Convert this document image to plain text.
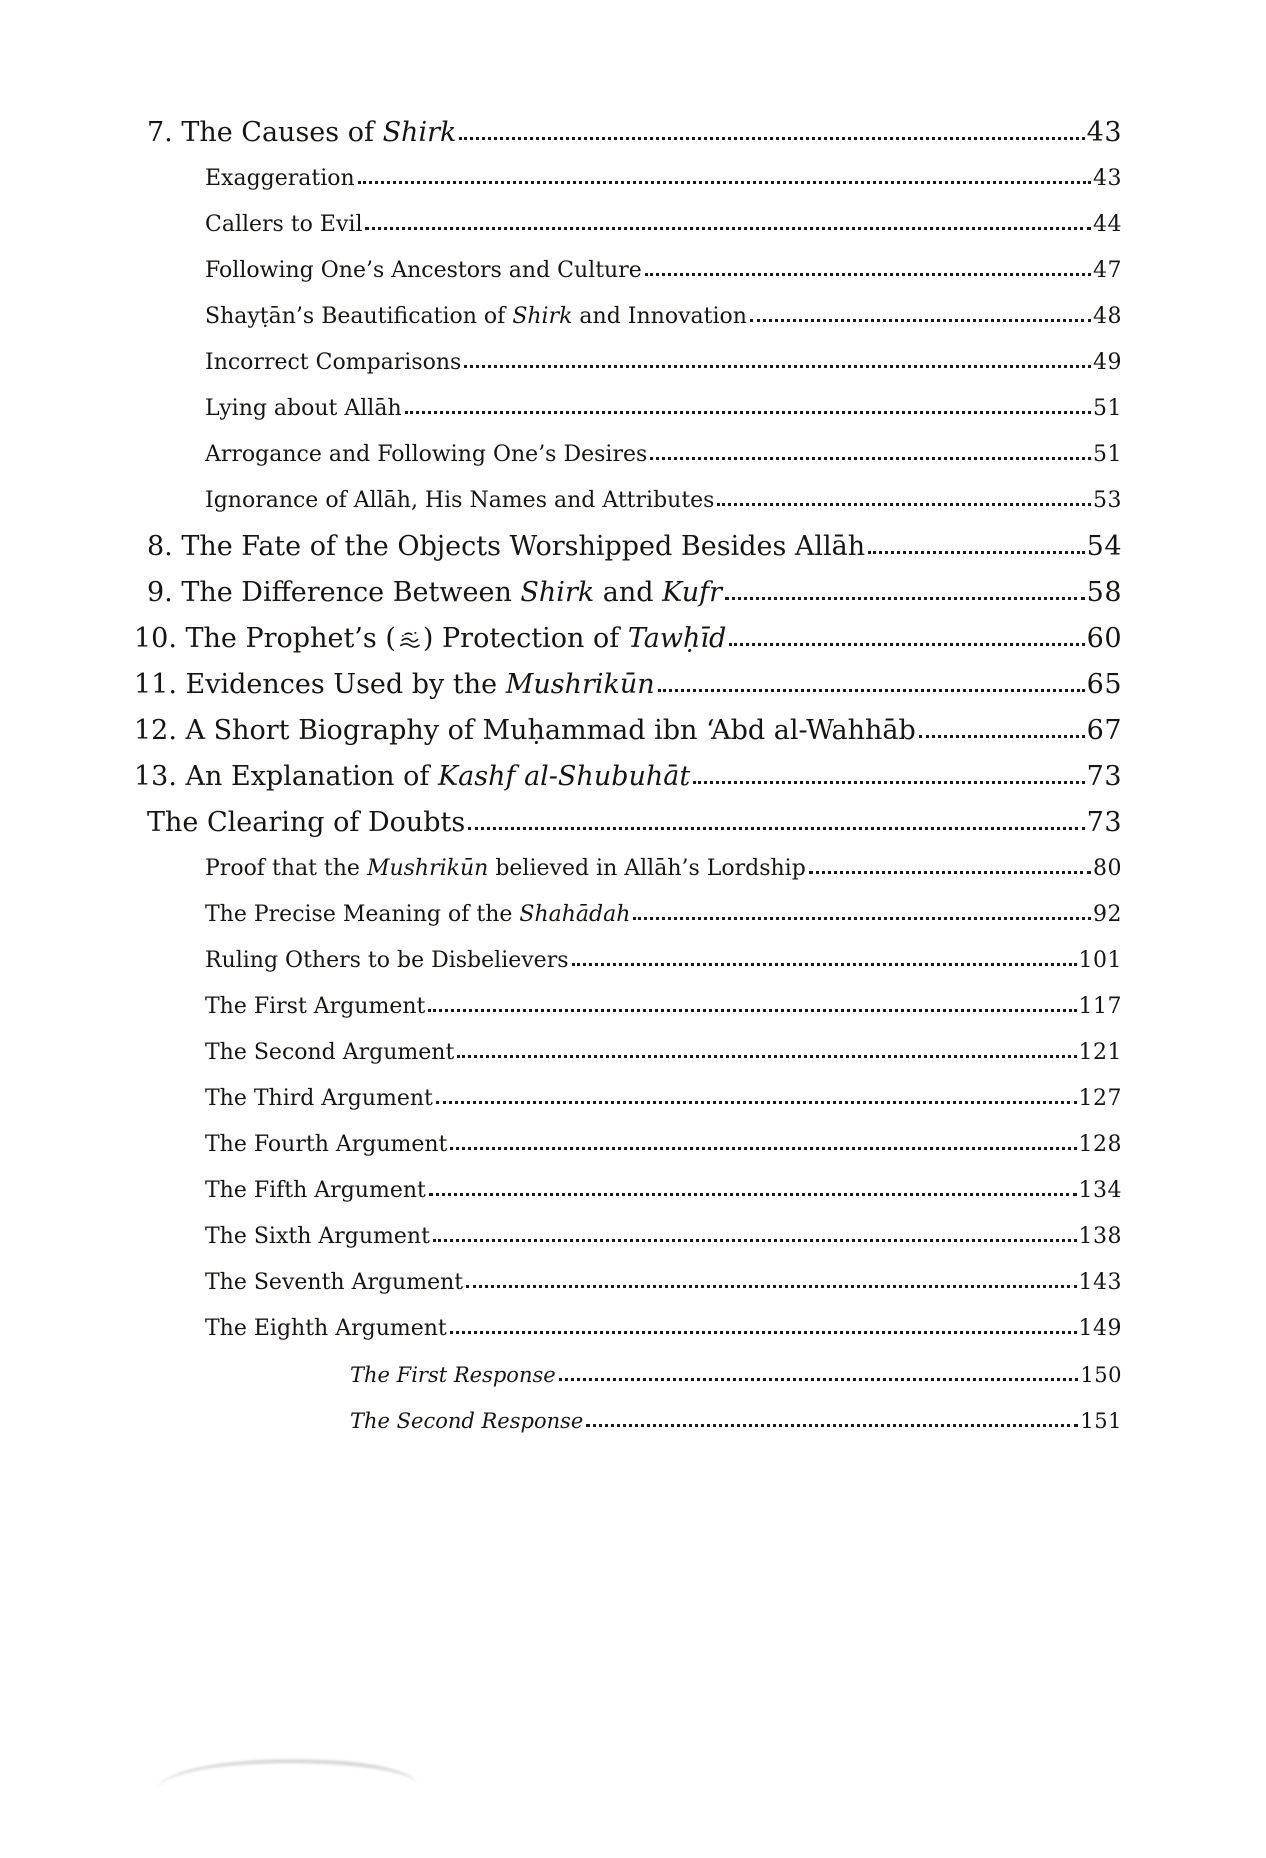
7. The Causes of Shirk	43
Exaggeration	43
Callers to Evil	44
Following One’s Ancestors and Culture	47
Shayṭān’s Beautification of Shirk and Innovation	48
Incorrect Comparisons	49
Lying about Allāh	51
Arrogance and Following One’s Desires	51
Ignorance of Allāh, His Names and Attributes	53
8. The Fate of the Objects Worshipped Besides Allāh	54
9. The Difference Between Shirk and Kufr	58
10. The Prophet’s ( ) Protection of Tawḥīd	60
11. Evidences Used by the Mushrikūn	65
12. A Short Biography of Muḥammad ibn ‘Abd al-Wahhāb	67
13. An Explanation of Kashf al-Shubuhāt	73
The Clearing of Doubts	73
Proof that the Mushrikūn believed in Allāh’s Lordship	80
The Precise Meaning of the Shahādah	92
Ruling Others to be Disbelievers	101
The First Argument	117
The Second Argument	121
The Third Argument	127
The Fourth Argument	128
The Fifth Argument	134
The Sixth Argument	138
The Seventh Argument	143
The Eighth Argument	149
The First Response	150
The Second Response	151
